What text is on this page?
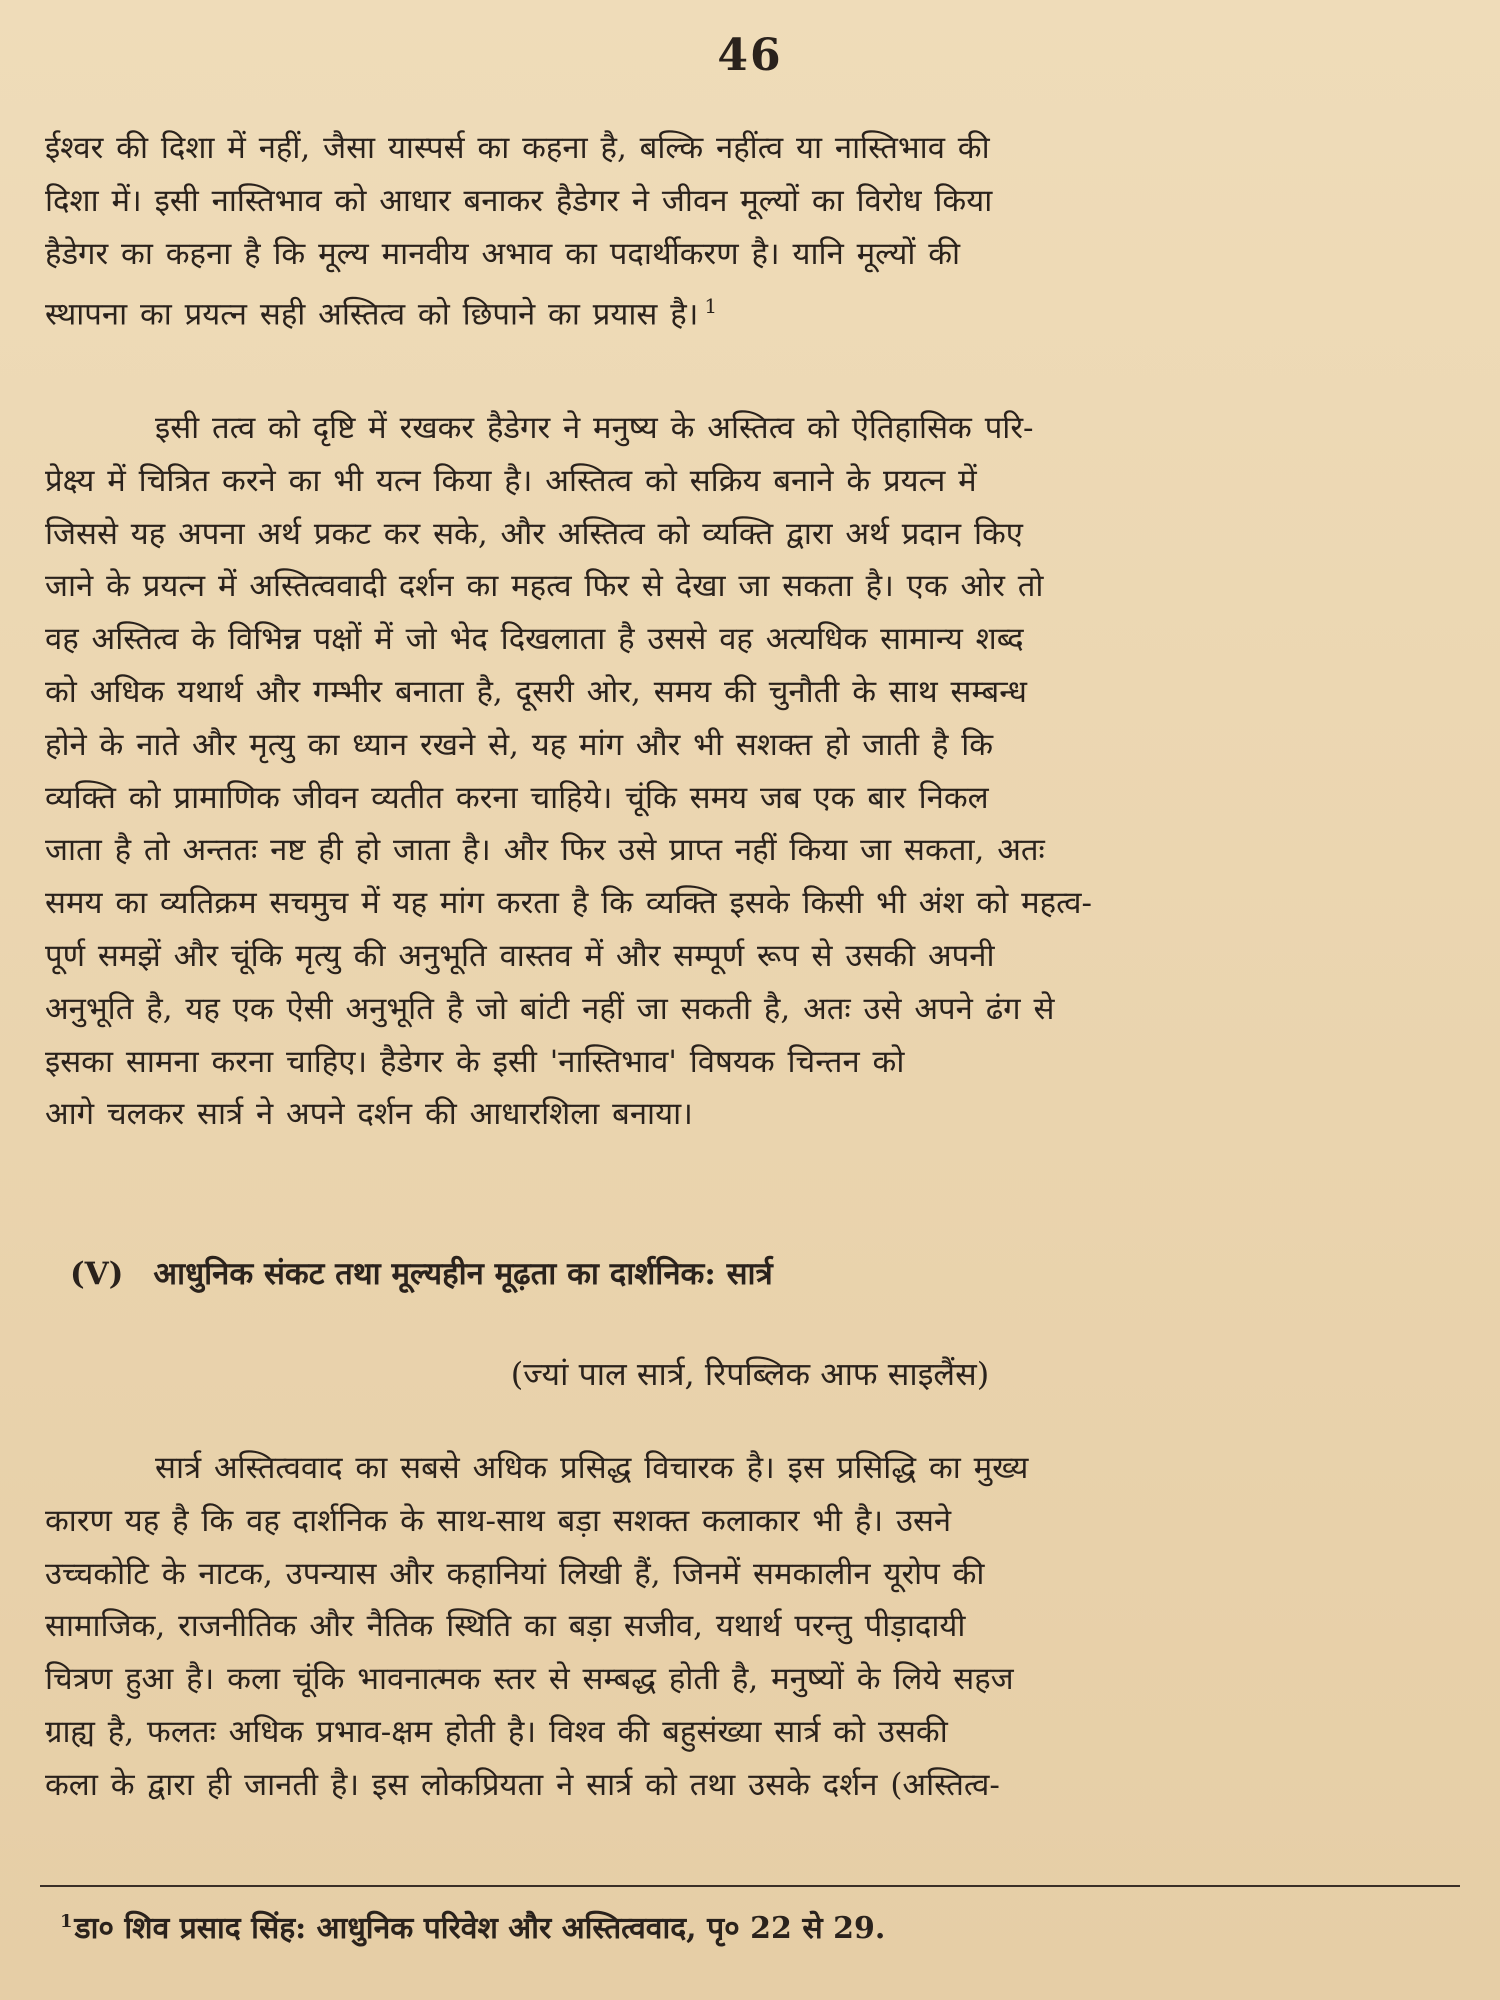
46
ईश्वर की दिशा में नहीं, जैसा यास्पर्स का कहना है, बल्कि नहींत्व या नास्तिभाव की
दिशा में। इसी नास्तिभाव को आधार बनाकर हैडेगर ने जीवन मूल्यों का विरोध किया
हैडेगर का कहना है कि मूल्य मानवीय अभाव का पदार्थीकरण है। यानि मूल्यों की
स्थापना का प्रयत्न सही अस्तित्व को छिपाने का प्रयास है। $^1$
इसी तत्व को दृष्टि में रखकर हैडेगर ने मनुष्य के अस्तित्व को ऐतिहासिक परि-
प्रेक्ष्य में चित्रित करने का भी यत्न किया है। अस्तित्व को सक्रिय बनाने के प्रयत्न में
जिससे यह अपना अर्थ प्रकट कर सके, और अस्तित्व को व्यक्ति द्वारा अर्थ प्रदान किए
जाने के प्रयत्न में अस्तित्ववादी दर्शन का महत्व फिर से देखा जा सकता है। एक ओर तो
वह अस्तित्व के विभिन्न पक्षों में जो भेद दिखलाता है उससे वह अत्यधिक सामान्य शब्द
को अधिक यथार्थ और गम्भीर बनाता है, दूसरी ओर, समय की चुनौती के साथ सम्बन्ध
होने के नाते और मृत्यु का ध्यान रखने से, यह मांग और भी सशक्त हो जाती है कि
व्यक्ति को प्रामाणिक जीवन व्यतीत करना चाहिये। चूंकि समय जब एक बार निकल
जाता है तो अन्ततः नष्ट ही हो जाता है। और फिर उसे प्राप्त नहीं किया जा सकता, अतः
समय का व्यतिक्रम सचमुच में यह मांग करता है कि व्यक्ति इसके किसी भी अंश को महत्व-
पूर्ण समझें और चूंकि मृत्यु की अनुभूति वास्तव में और सम्पूर्ण रूप से उसकी अपनी
अनुभूति है, यह एक ऐसी अनुभूति है जो बांटी नहीं जा सकती है, अतः उसे अपने ढंग से
इसका सामना करना चाहिए। हैडेगर के इसी 'नास्तिभाव' विषयक चिन्तन को
आगे चलकर सार्त्र ने अपने दर्शन की आधारशिला बनाया।
(V) आधुनिक संकट तथा मूल्यहीन मूढ़ता का दार्शनिक: सार्त्र
(ज्यां पाल सार्त्र, रिपब्लिक आफ साइलैंस)
सार्त्र अस्तित्ववाद का सबसे अधिक प्रसिद्ध विचारक है। इस प्रसिद्धि का मुख्य
कारण यह है कि वह दार्शनिक के साथ-साथ बड़ा सशक्त कलाकार भी है। उसने
उच्चकोटि के नाटक, उपन्यास और कहानियां लिखी हैं, जिनमें समकालीन यूरोप की
सामाजिक, राजनीतिक और नैतिक स्थिति का बड़ा सजीव, यथार्थ परन्तु पीड़ादायी
चित्रण हुआ है। कला चूंकि भावनात्मक स्तर से सम्बद्ध होती है, मनुष्यों के लिये सहज
ग्राह्य है, फलतः अधिक प्रभाव-क्षम होती है। विश्व की बहुसंख्या सार्त्र को उसकी
कला के द्वारा ही जानती है। इस लोकप्रियता ने सार्त्र को तथा उसके दर्शन (अस्तित्व-
$^1$डा० शिव प्रसाद सिंह: आधुनिक परिवेश और अस्तित्ववाद, पृ० 22 से 29.
